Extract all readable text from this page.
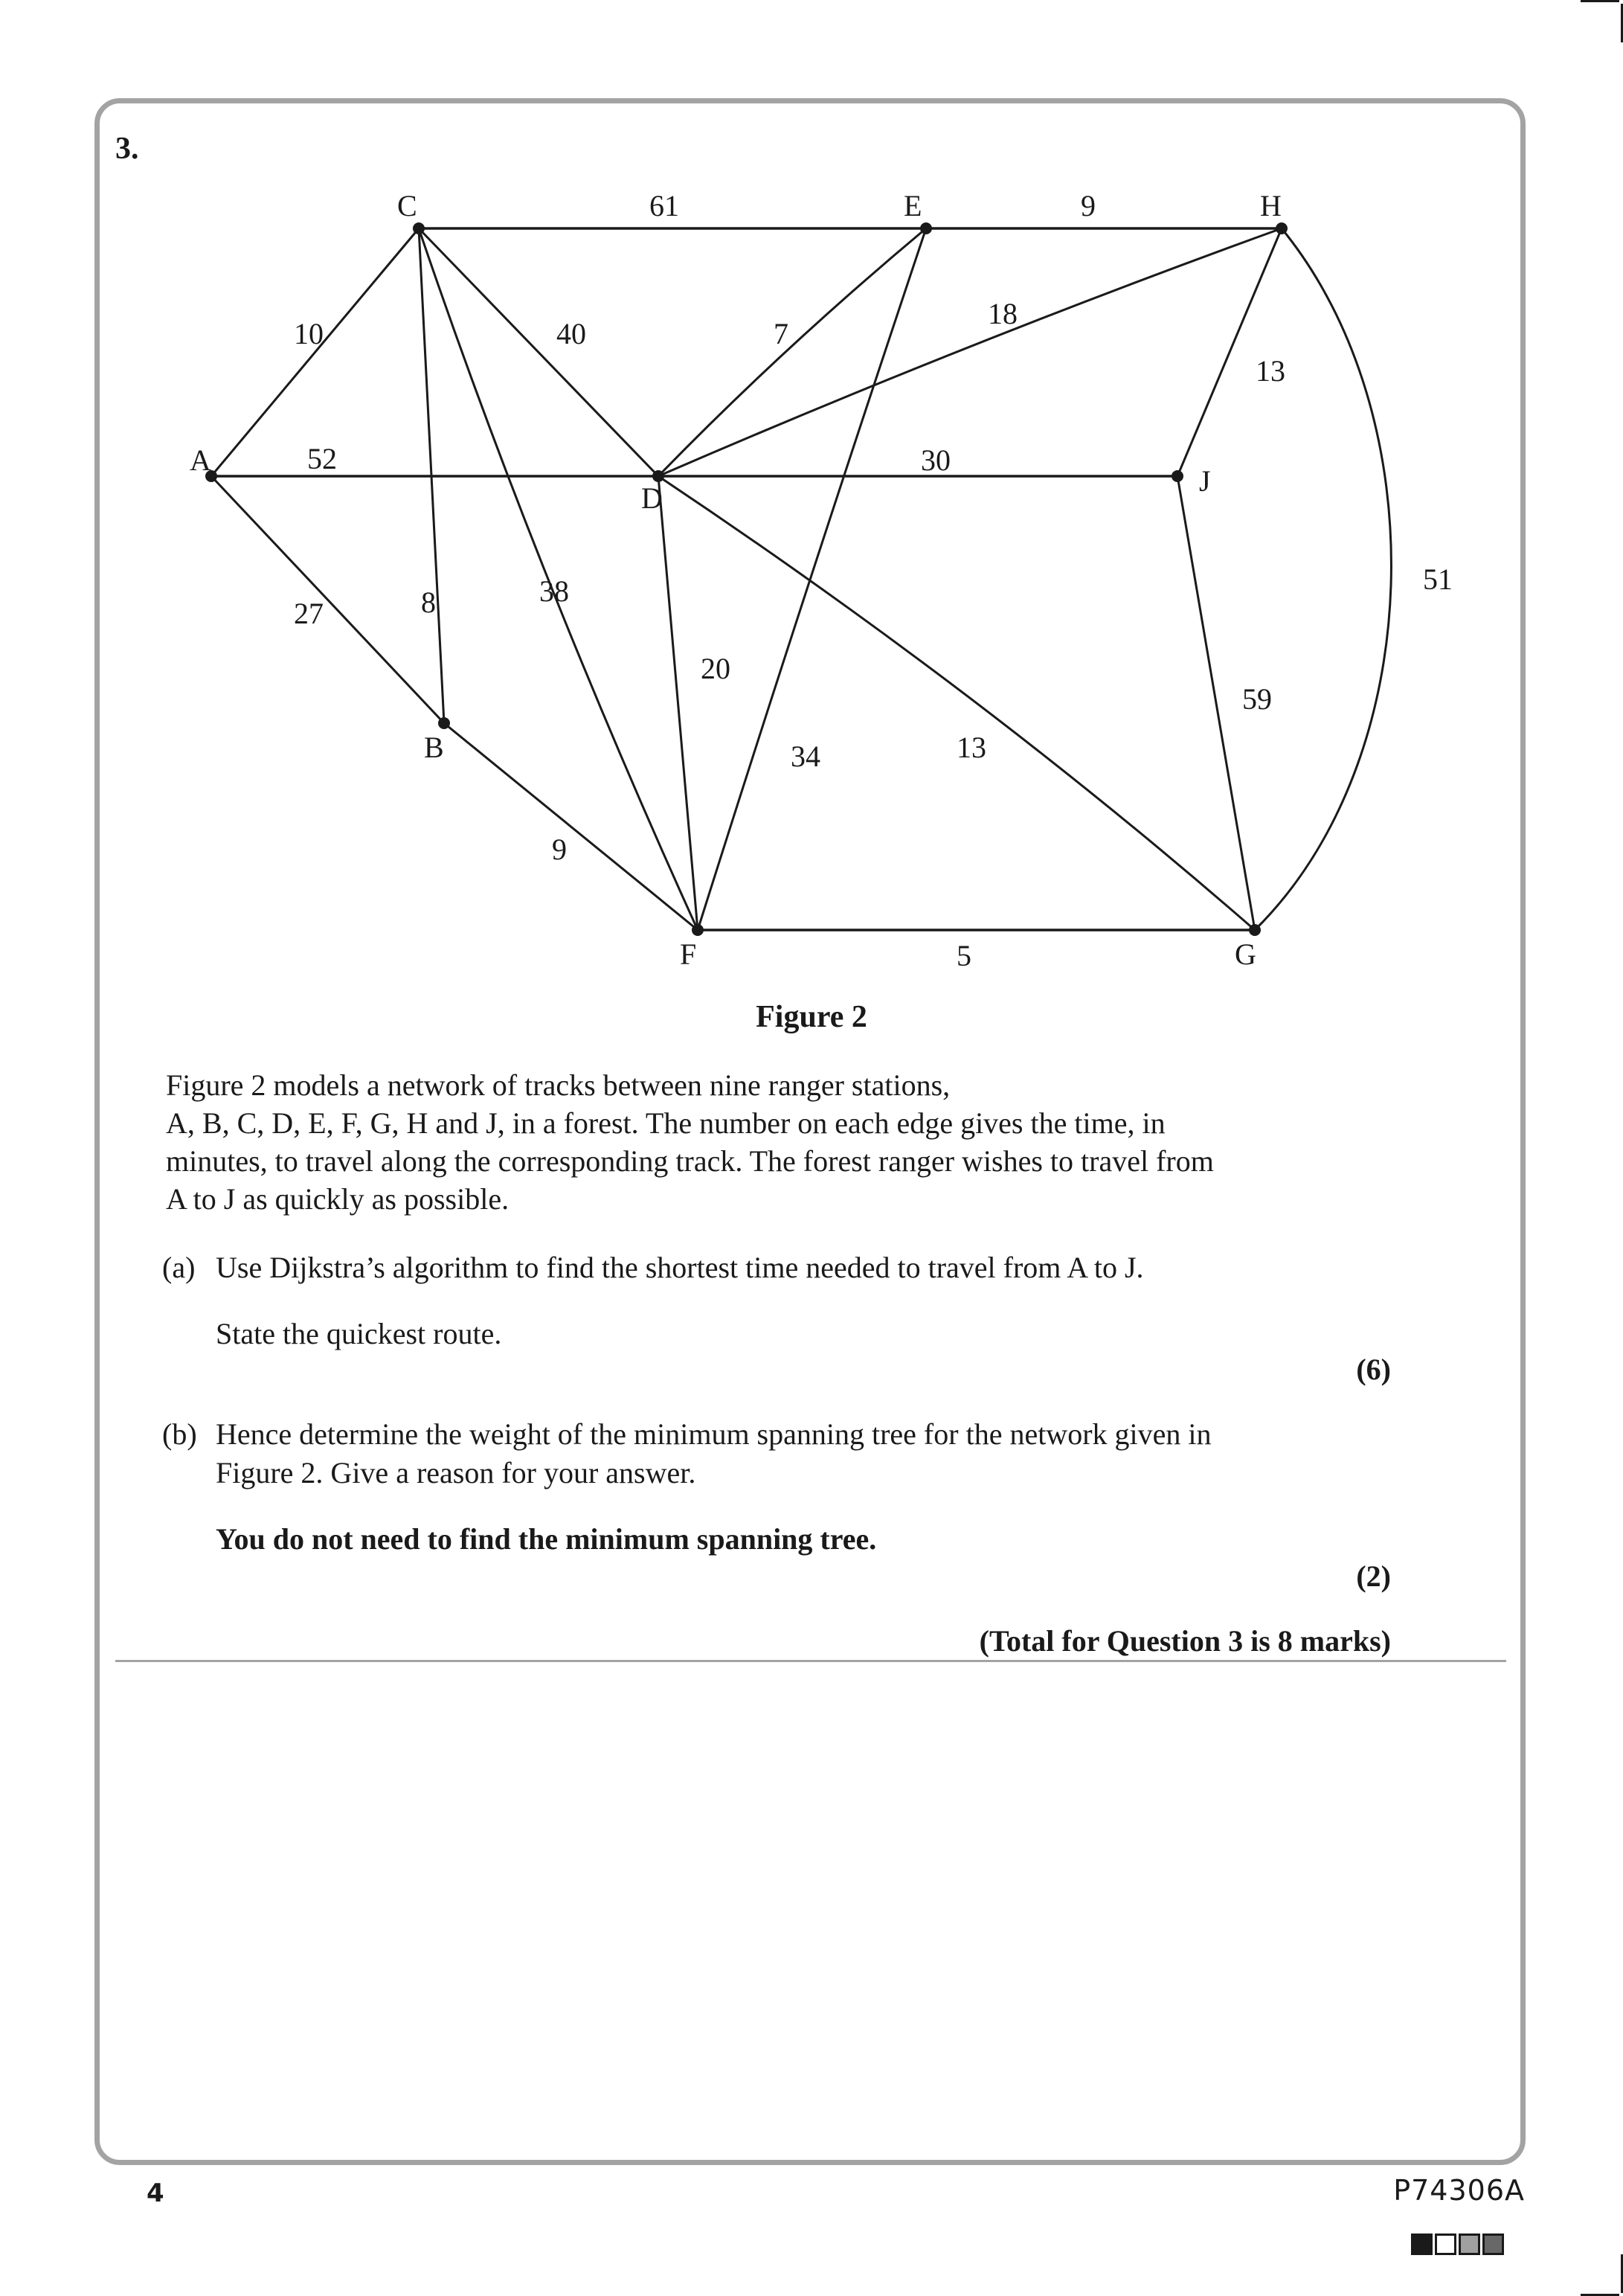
3.
10
52
27
61
40
8	38
9
7
34
18
30
20
13
13
51
59
9
5
A
B
C
D
E
F	G
H
J
Figure 2
Figure 2 models a network of tracks between nine ranger stations,
A, B, C, D, E, F, G, H and J, in a forest. The number on each edge gives the time, in
minutes, to travel along the corresponding track. The forest ranger wishes to travel from
A to J as quickly as possible.
(a) Use Dijkstra’s algorithm to find the shortest time needed to travel from A to J.
State the quickest route.
(6)
(b) Hence determine the weight of the minimum spanning tree for the network given in
Figure 2. Give a reason for your answer.
You do not need to find the minimum spanning tree.
(2)
(Total for Question 3 is 8 marks)
4	P74306A
